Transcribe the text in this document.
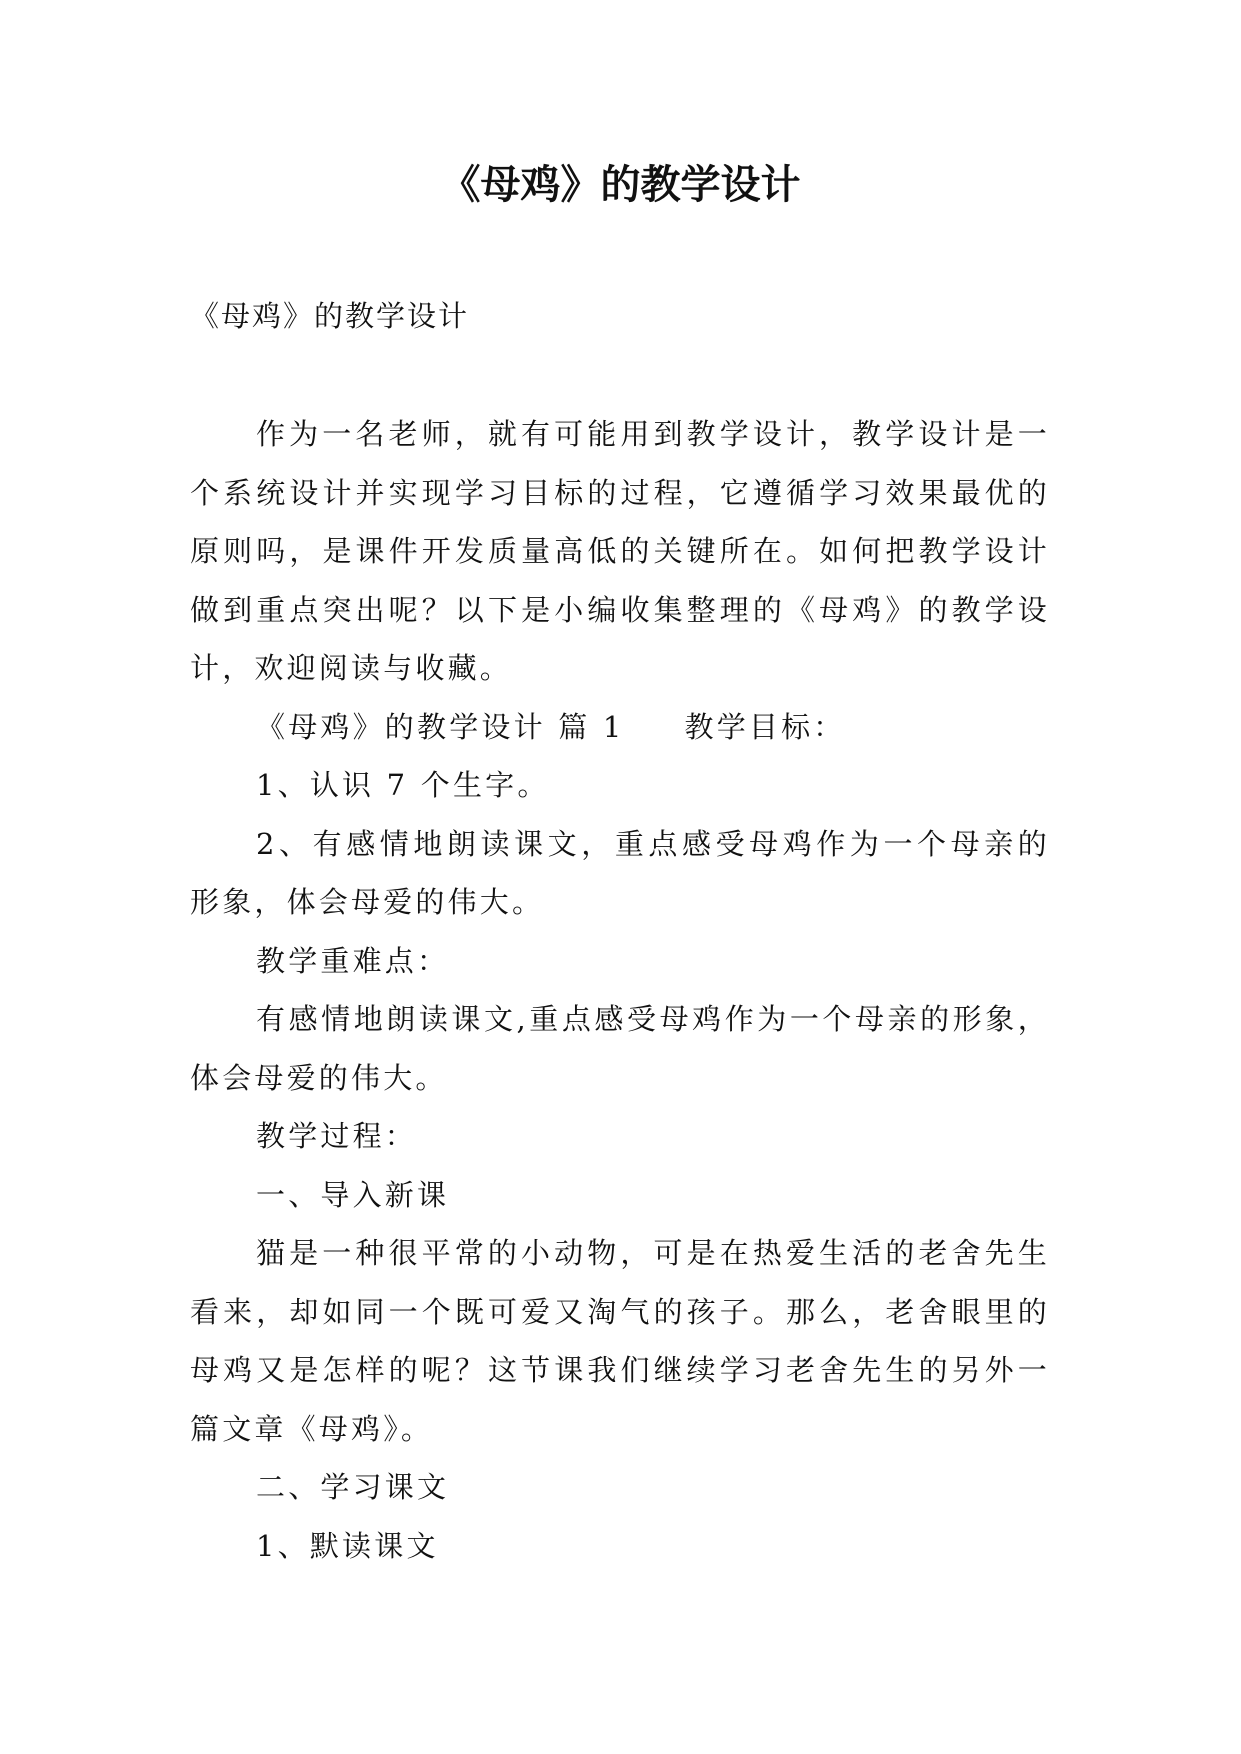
《母鸡》的教学设计

《母鸡》的教学设计

作为一名老师，就有可能用到教学设计，教学设计是一个系统设计并实现学习目标的过程，它遵循学习效果最优的原则吗，是课件开发质量高低的关键所在。如何把教学设计做到重点突出呢？以下是小编收集整理的《母鸡》的教学设计，欢迎阅读与收藏。

《母鸡》的教学设计 篇 1 教学目标：

1、认识 7 个生字。

2、有感情地朗读课文，重点感受母鸡作为一个母亲的形象，体会母爱的伟大。

教学重难点：

有感情地朗读课文,重点感受母鸡作为一个母亲的形象，体会母爱的伟大。

教学过程：

一、导入新课

猫是一种很平常的小动物，可是在热爱生活的老舍先生看来，却如同一个既可爱又淘气的孩子。那么，老舍眼里的母鸡又是怎样的呢？这节课我们继续学习老舍先生的另外一篇文章《母鸡》。

二、学习课文

1、默读课文
